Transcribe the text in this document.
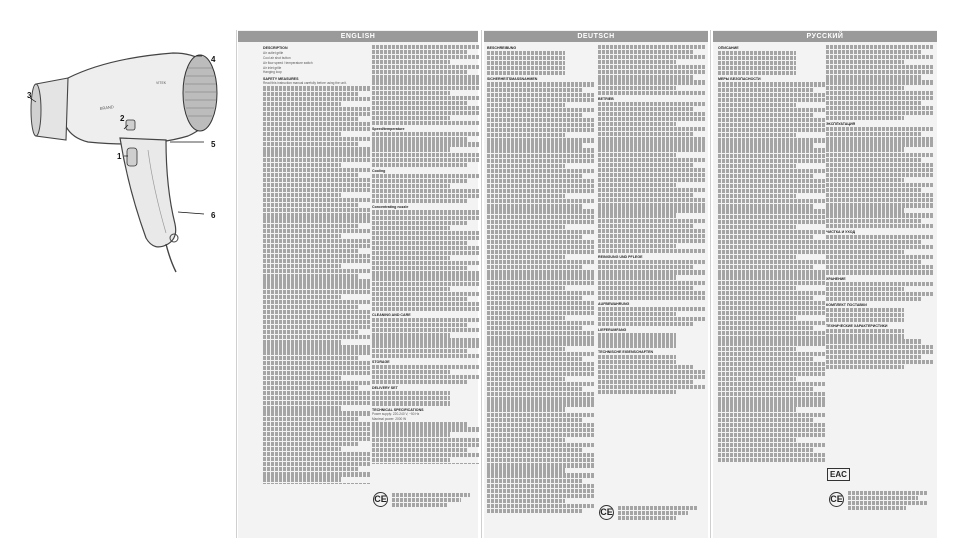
ENGLISH	DEUTSCH	РУССКИЙ
BRAND
VITEK
1
2
3
4
5
6

DESCRIPTION

Air outlet grille

Cool air shot button

Air flow speed / temperature switch

Air inlet grille

Hanging loop

SAFETY MEASURES

Read this instruction manual carefully before using the unit.

Speed/temperature

Cooling

Concentrating nozzle

CLEANING AND CARE

STORAGE

DELIVERY SET

TECHNICAL SPECIFICATIONS

Power supply: 220-240 V, ~50 Hz

Maximal power: 2000 W

BESCHREIBUNG

SICHERHEITSMASSNAHMEN

BETRIEB

REINIGUNG UND PFLEGE

AUFBEWAHRUNG

LIEFERUMFANG

TECHNISCHE EIGENSCHAFTEN

ОПИСАНИЕ

МЕРЫ БЕЗОПАСНОСТИ

ЭКСПЛУАТАЦИЯ

ЧИСТКА И УХОД

ХРАНЕНИЕ

КОМПЛЕКТ ПОСТАВКИ

ТЕХНИЧЕСКИЕ ХАРАКТЕРИСТИКИ

CE
CE
CE
EAC
